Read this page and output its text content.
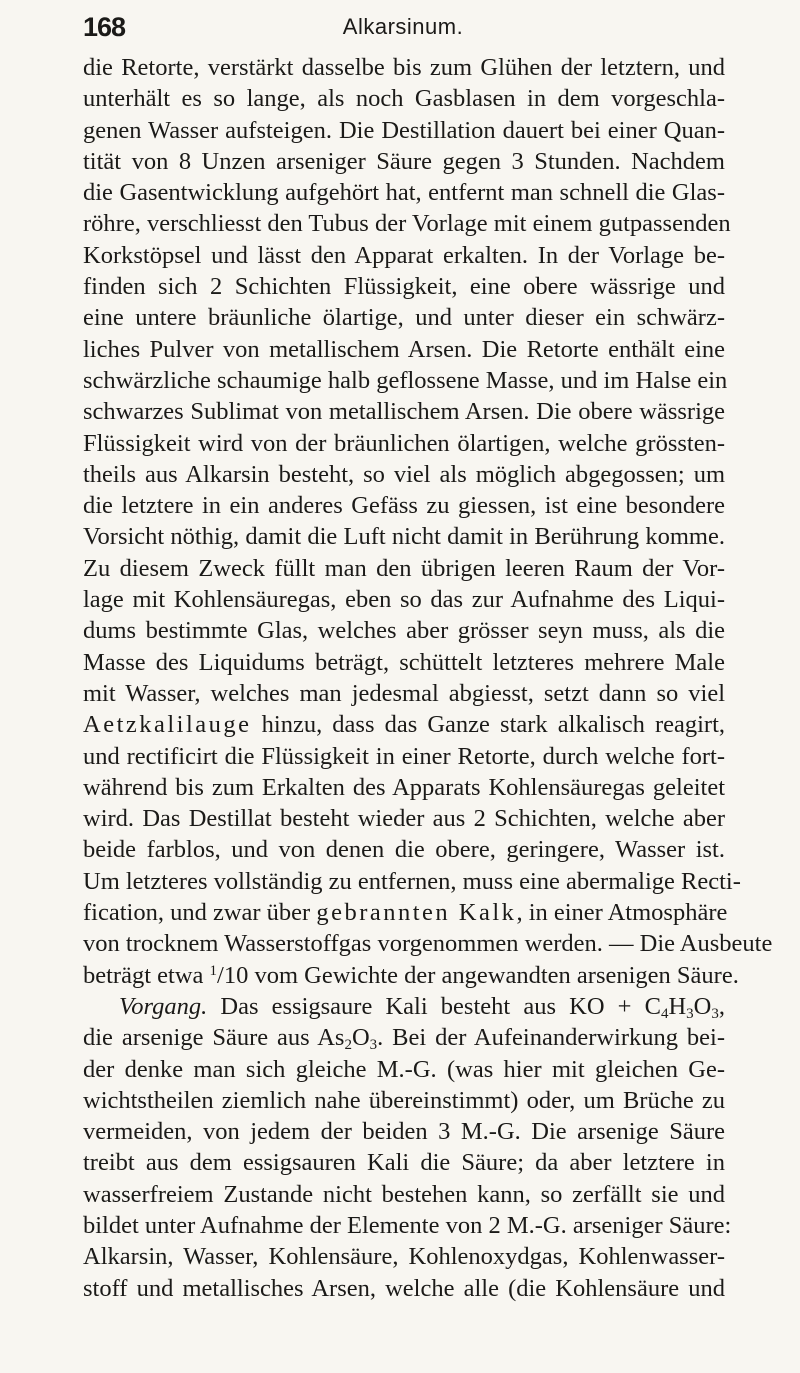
168	Alkarsinum.
die Retorte, verstärkt dasselbe bis zum Glühen der letztern, und
unterhält es so lange, als noch Gasblasen in dem vorgeschla-
genen Wasser aufsteigen. Die Destillation dauert bei einer Quan-
tität von 8 Unzen arseniger Säure gegen 3 Stunden. Nachdem
die Gasentwicklung aufgehört hat, entfernt man schnell die Glas-
röhre, verschliesst den Tubus der Vorlage mit einem gutpassenden
Korkstöpsel und lässt den Apparat erkalten. In der Vorlage be-
finden sich 2 Schichten Flüssigkeit, eine obere wässrige und
eine untere bräunliche ölartige, und unter dieser ein schwärz-
liches Pulver von metallischem Arsen. Die Retorte enthält eine
schwärzliche schaumige halb geflossene Masse, und im Halse ein
schwarzes Sublimat von metallischem Arsen. Die obere wässrige
Flüssigkeit wird von der bräunlichen ölartigen, welche grössten-
theils aus Alkarsin besteht, so viel als möglich abgegossen; um
die letztere in ein anderes Gefäss zu giessen, ist eine besondere
Vorsicht nöthig, damit die Luft nicht damit in Berührung komme.
Zu diesem Zweck füllt man den übrigen leeren Raum der Vor-
lage mit Kohlensäuregas, eben so das zur Aufnahme des Liqui-
dums bestimmte Glas, welches aber grösser seyn muss, als die
Masse des Liquidums beträgt, schüttelt letzteres mehrere Male
mit Wasser, welches man jedesmal abgiesst, setzt dann so viel
Aetzkalilauge hinzu, dass das Ganze stark alkalisch reagirt,
und rectificirt die Flüssigkeit in einer Retorte, durch welche fort-
während bis zum Erkalten des Apparats Kohlensäuregas geleitet
wird. Das Destillat besteht wieder aus 2 Schichten, welche aber
beide farblos, und von denen die obere, geringere, Wasser ist.
Um letzteres vollständig zu entfernen, muss eine abermalige Recti-
fication, und zwar über gebrannten Kalk, in einer Atmosphäre
von trocknem Wasserstoffgas vorgenommen werden. — Die Ausbeute
beträgt etwa $^1$/10 vom Gewichte der angewandten arsenigen Säure.
Vorgang. Das essigsaure Kali besteht aus KO + $C_4H_3O_3$,
die arsenige Säure aus $As_2O_3$. Bei der Aufeinanderwirkung bei-
der denke man sich gleiche M.-G. (was hier mit gleichen Ge-
wichtstheilen ziemlich nahe übereinstimmt) oder, um Brüche zu
vermeiden, von jedem der beiden 3 M.-G. Die arsenige Säure
treibt aus dem essigsauren Kali die Säure; da aber letztere in
wasserfreiem Zustande nicht bestehen kann, so zerfällt sie und
bildet unter Aufnahme der Elemente von 2 M.-G. arseniger Säure:
Alkarsin, Wasser, Kohlensäure, Kohlenoxydgas, Kohlenwasser-
stoff und metallisches Arsen, welche alle (die Kohlensäure und
